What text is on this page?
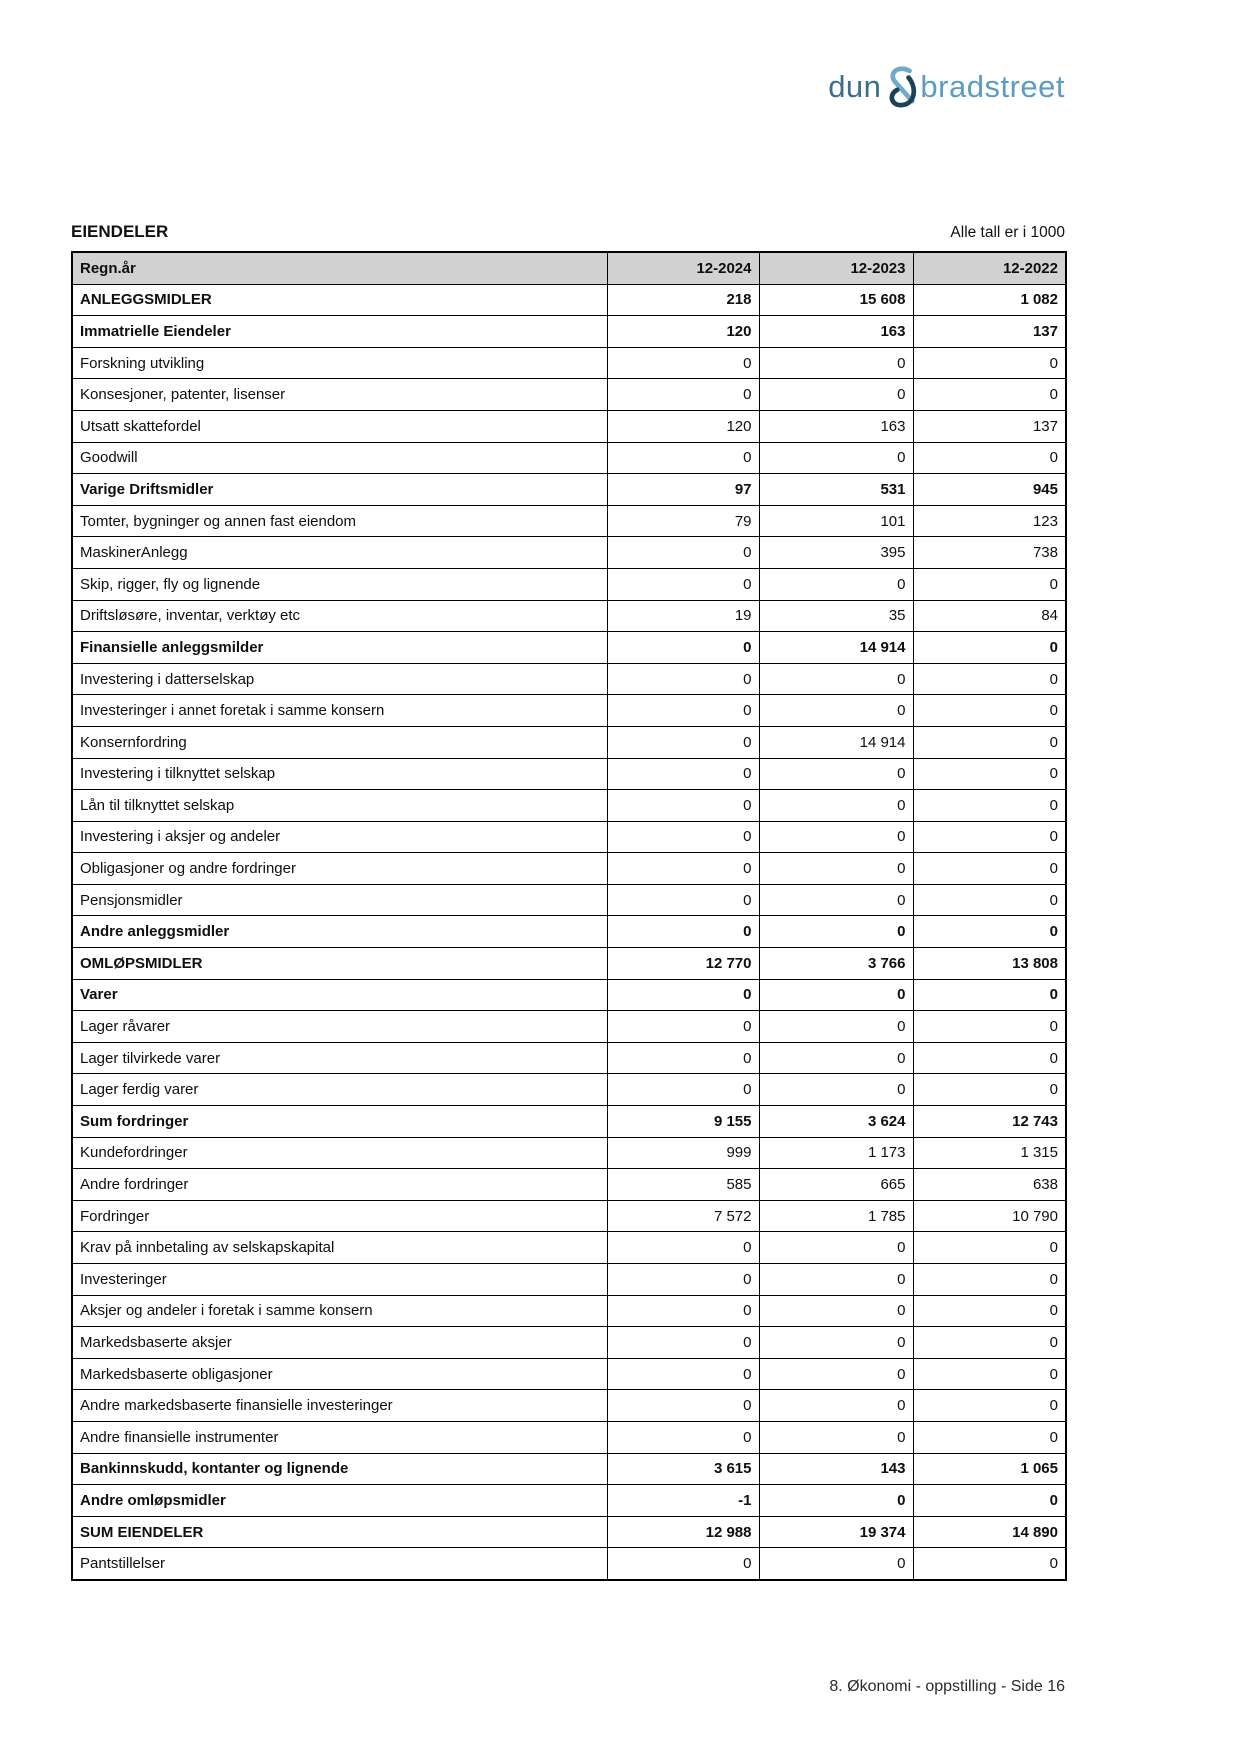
dun bradstreet
EIENDELER	Alle tall er i 1000
Regn.år	12-2024	12-2023	12-2022
ANLEGGSMIDLER	218	15 608	1 082
Immatrielle Eiendeler	120	163	137
Forskning utvikling	0	0	0
Konsesjoner, patenter, lisenser	0	0	0
Utsatt skattefordel	120	163	137
Goodwill	0	0	0
Varige Driftsmidler	97	531	945
Tomter, bygninger og annen fast eiendom	79	101	123
MaskinerAnlegg	0	395	738
Skip, rigger, fly og lignende	0	0	0
Driftsløsøre, inventar, verktøy etc	19	35	84
Finansielle anleggsmilder	0	14 914	0
Investering i datterselskap	0	0	0
Investeringer i annet foretak i samme konsern	0	0	0
Konsernfordring	0	14 914	0
Investering i tilknyttet selskap	0	0	0
Lån til tilknyttet selskap	0	0	0
Investering i aksjer og andeler	0	0	0
Obligasjoner og andre fordringer	0	0	0
Pensjonsmidler	0	0	0
Andre anleggsmidler	0	0	0
OMLØPSMIDLER	12 770	3 766	13 808
Varer	0	0	0
Lager råvarer	0	0	0
Lager tilvirkede varer	0	0	0
Lager ferdig varer	0	0	0
Sum fordringer	9 155	3 624	12 743
Kundefordringer	999	1 173	1 315
Andre fordringer	585	665	638
Fordringer	7 572	1 785	10 790
Krav på innbetaling av selskapskapital	0	0	0
Investeringer	0	0	0
Aksjer og andeler i foretak i samme konsern	0	0	0
Markedsbaserte aksjer	0	0	0
Markedsbaserte obligasjoner	0	0	0
Andre markedsbaserte finansielle investeringer	0	0	0
Andre finansielle instrumenter	0	0	0
Bankinnskudd, kontanter og lignende	3 615	143	1 065
Andre omløpsmidler	-1	0	0
SUM EIENDELER	12 988	19 374	14 890
Pantstillelser	0	0	0
8. Økonomi - oppstilling - Side 16
